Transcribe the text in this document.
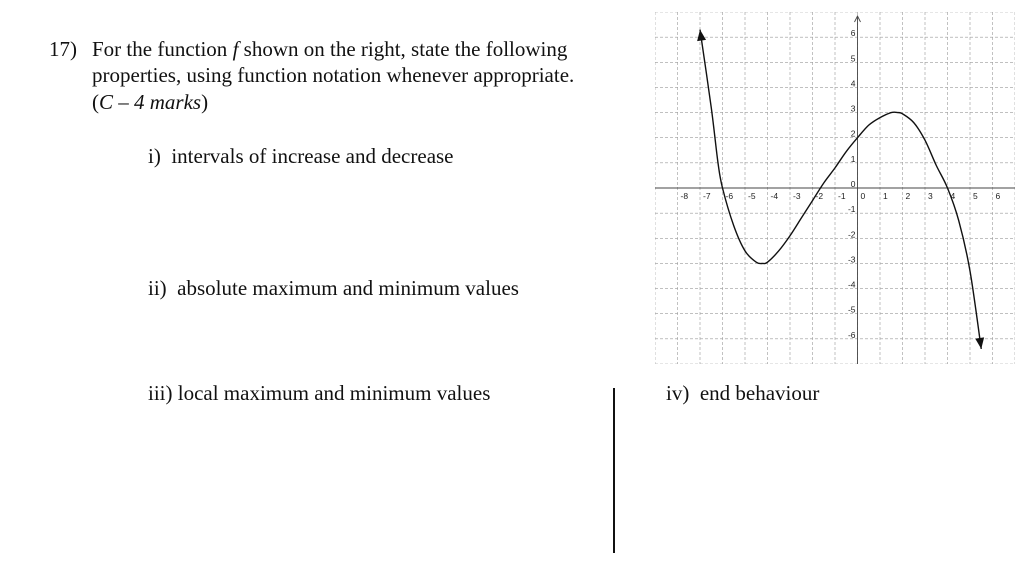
17) For the function f shown on the right, state the following
properties, using function notation whenever appropriate.
(C – 4 marks)
i) intervals of increase and decrease
ii) absolute maximum and minimum values
iii) local maximum and minimum values	iv) end behaviour
-8 -7 -6 -5 -4 -3 -2 -1 0 1 2 3 4 5 6
6
5
4
3
2
1
0
-1
-2
-3
-4
-5
-6
